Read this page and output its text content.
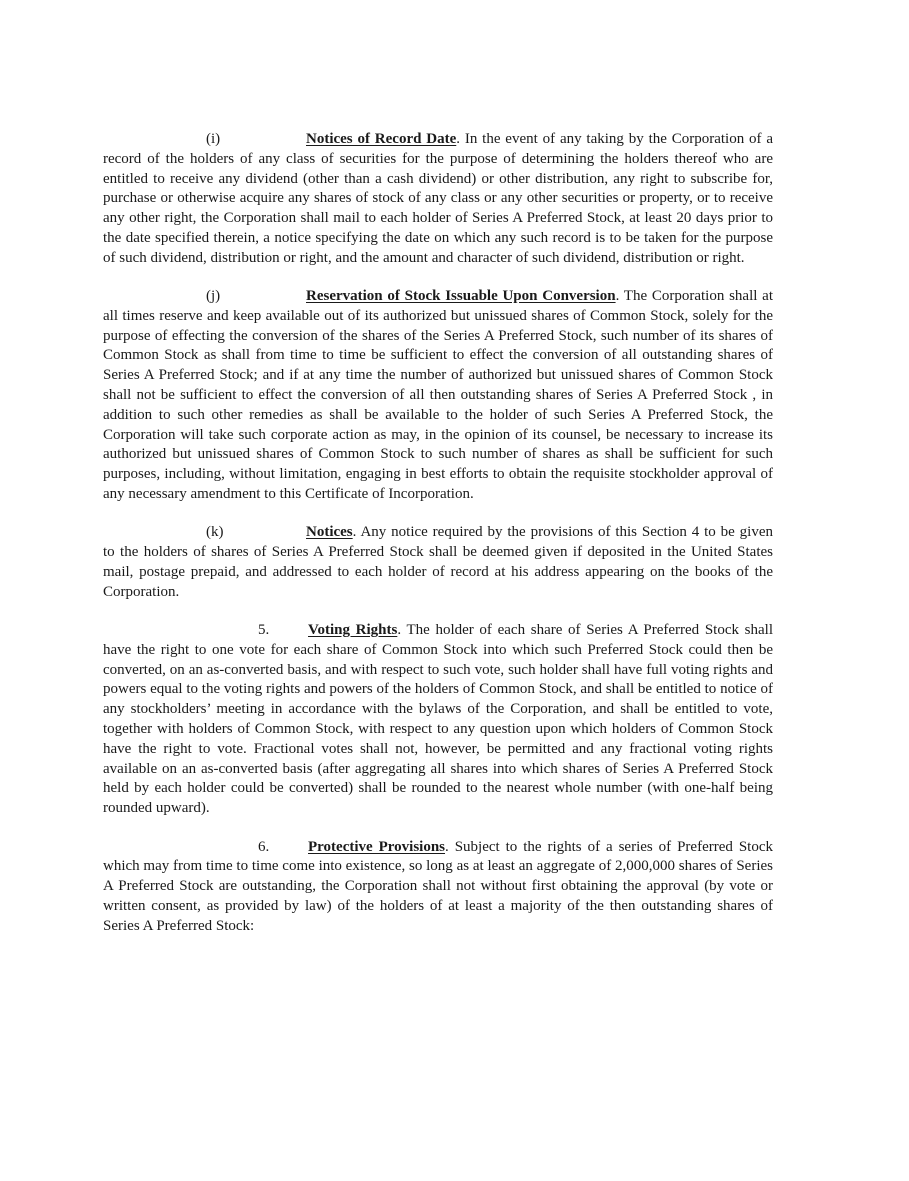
(i)	Notices of Record Date. In the event of any taking by the Corporation of a record of the holders of any class of securities for the purpose of determining the holders thereof who are entitled to receive any dividend (other than a cash dividend) or other distribution, any right to subscribe for, purchase or otherwise acquire any shares of stock of any class or any other securities or property, or to receive any other right, the Corporation shall mail to each holder of Series A Preferred Stock, at least 20 days prior to the date specified therein, a notice specifying the date on which any such record is to be taken for the purpose of such dividend, distribution or right, and the amount and character of such dividend, distribution or right.

(j)	Reservation of Stock Issuable Upon Conversion. The Corporation shall at all times reserve and keep available out of its authorized but unissued shares of Common Stock, solely for the purpose of effecting the conversion of the shares of the Series A Preferred Stock, such number of its shares of Common Stock as shall from time to time be sufficient to effect the conversion of all outstanding shares of Series A Preferred Stock; and if at any time the number of authorized but unissued shares of Common Stock shall not be sufficient to effect the conversion of all then outstanding shares of Series A Preferred Stock , in addition to such other remedies as shall be available to the holder of such Series A Preferred Stock, the Corporation will take such corporate action as may, in the opinion of its counsel, be necessary to increase its authorized but unissued shares of Common Stock to such number of shares as shall be sufficient for such purposes, including, without limitation, engaging in best efforts to obtain the requisite stockholder approval of any necessary amendment to this Certificate of Incorporation.

(k)	Notices. Any notice required by the provisions of this Section 4 to be given to the holders of shares of Series A Preferred Stock shall be deemed given if deposited in the United States mail, postage prepaid, and addressed to each holder of record at his address appearing on the books of the Corporation.

5.	Voting Rights. The holder of each share of Series A Preferred Stock shall have the right to one vote for each share of Common Stock into which such Preferred Stock could then be converted, on an as-converted basis, and with respect to such vote, such holder shall have full voting rights and powers equal to the voting rights and powers of the holders of Common Stock, and shall be entitled to notice of any stockholders’ meeting in accordance with the bylaws of the Corporation, and shall be entitled to vote, together with holders of Common Stock, with respect to any question upon which holders of Common Stock have the right to vote. Fractional votes shall not, however, be permitted and any fractional voting rights available on an as-converted basis (after aggregating all shares into which shares of Series A Preferred Stock held by each holder could be converted) shall be rounded to the nearest whole number (with one-half being rounded upward).

6.	Protective Provisions. Subject to the rights of a series of Preferred Stock which may from time to time come into existence, so long as at least an aggregate of 2,000,000 shares of Series A Preferred Stock are outstanding, the Corporation shall not without first obtaining the approval (by vote or written consent, as provided by law) of the holders of at least a majority of the then outstanding shares of Series A Preferred Stock:
